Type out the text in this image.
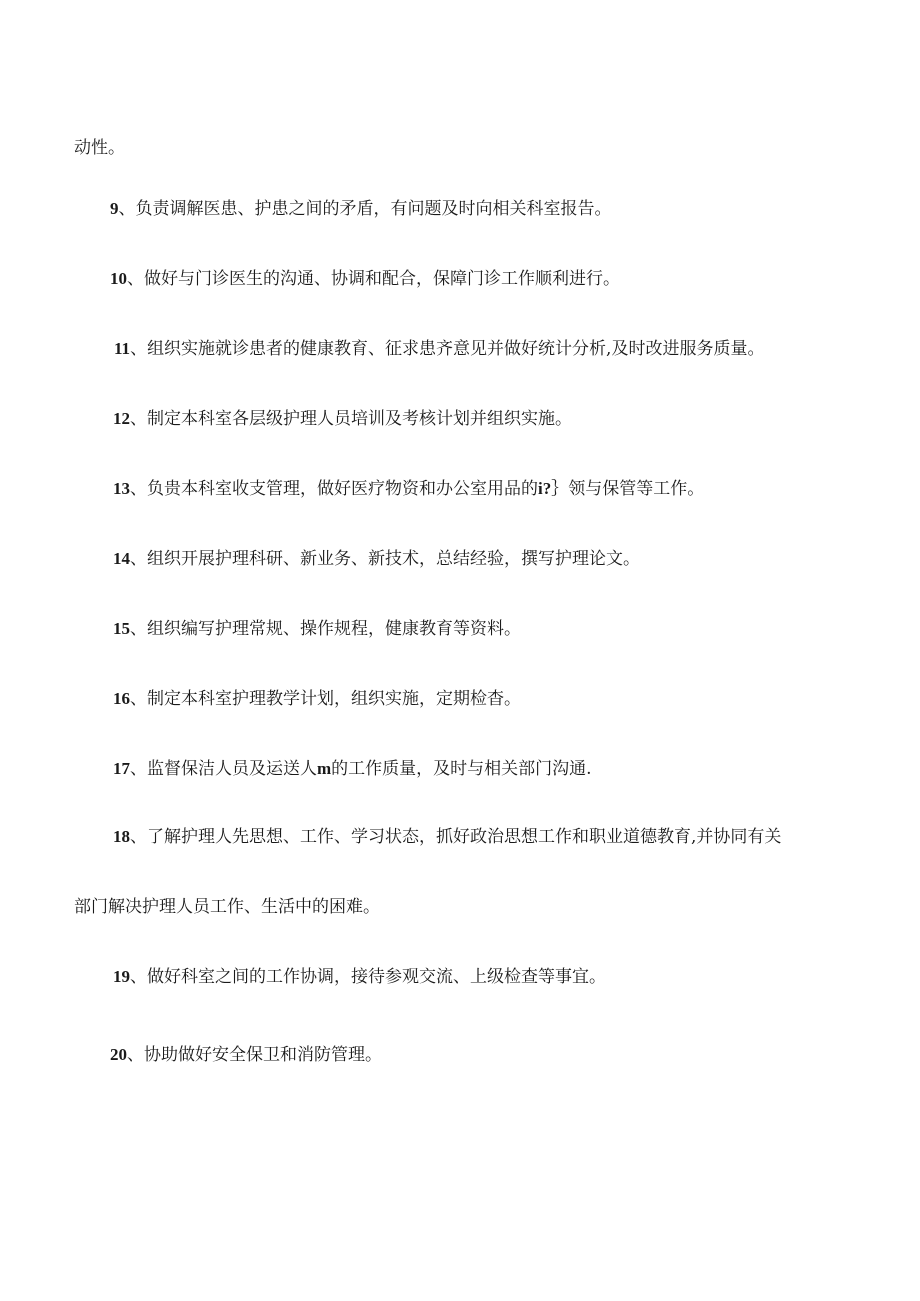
动性。
9、负责调解医患、护患之间的矛盾，有问题及时向相关科室报告。
10、做好与门诊医生的沟通、协调和配合，保障门诊工作顺利进行。
11、组织实施就诊患者的健康教育、征求患齐意见并做好统计分析,及时改进服务质量。
12、制定本科室各层级护理人员培训及考核计划并组织实施。
13、负贵本科室收支管理，做好医疗物资和办公室用品的i?｝领与保管等工作。
14、组织开展护理科研、新业务、新技术，总结经验，撰写护理论文。
15、组织编写护理常规、操作规程，健康教育等资料。
16、制定本科室护理教学计划，组织实施，定期检杳。
17、监督保洁人员及运送人m的工作质量，及时与相关部门沟通.
18、了解护理人先思想、工作、学习状态，抓好政治思想工作和职业道德教育,并协同有关
部门解决护理人员工作、生活中的困难。
19、做好科室之间的工作协调，接待参观交流、上级检查等事宜。
20、协助做好安全保卫和消防管理。
